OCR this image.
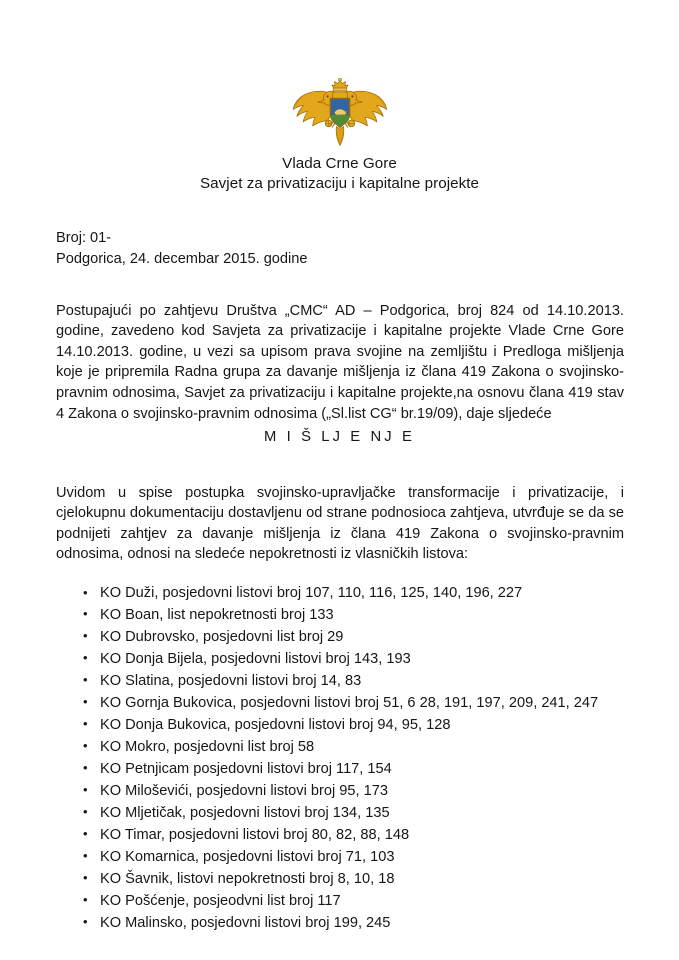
Vlada Crne Gore
Savjet za privatizaciju i kapitalne projekte
Broj: 01-
Podgorica, 24. decembar 2015. godine

Postupajući po zahtjevu Društva „CMC“ AD – Podgorica, broj 824 od 14.10.2013. godine, zavedeno kod Savjeta za privatizacije i kapitalne projekte Vlade Crne Gore 14.10.2013. godine, u vezi sa upisom prava svojine na zemljištu i Predloga mišljenja koje je pripremila Radna grupa za davanje mišljenja iz člana 419 Zakona o svojinsko-pravnim odnosima, Savjet za privatizaciju i kapitalne projekte,na osnovu člana 419 stav 4 Zakona o svojinsko-pravnim odnosima („Sl.list CG“ br.19/09), daje sljedeće

M I Š LJ E NJ E

Uvidom u spise postupka svojinsko-upravljačke transformacije i privatizacije, i cjelokupnu dokumentaciju dostavljenu od strane podnosioca zahtjeva, utvrđuje se da se podnijeti zahtjev za davanje mišljenja iz člana 419 Zakona o svojinsko-pravnim odnosima, odnosi na sledeće nepokretnosti iz vlasničkih listova:

• KO Duži, posjedovni listovi broj 107, 110, 116, 125, 140, 196, 227
• KO Boan, list nepokretnosti broj 133
• KO Dubrovsko, posjedovni list broj 29
• KO Donja Bijela, posjedovni listovi broj 143, 193
• KO Slatina, posjedovni listovi broj 14, 83
• KO Gornja Bukovica, posjedovni listovi broj 51, 6 28, 191, 197, 209, 241, 247
• KO Donja Bukovica, posjedovni listovi broj 94, 95, 128
• KO Mokro, posjedovni list broj 58
• KO Petnjicam posjedovni listovi broj 117, 154
• KO Miloševići, posjedovni listovi broj 95, 173
• KO Mljetičak, posjedovni listovi broj 134, 135
• KO Timar, posjedovni listovi broj 80, 82, 88, 148
• KO Komarnica, posjedovni listovi broj 71, 103
• KO Šavnik, listovi nepokretnosti broj 8, 10, 18
• KO Pošćenje, posjeodvni list broj 117
• KO Malinsko, posjedovni listovi broj 199, 245
